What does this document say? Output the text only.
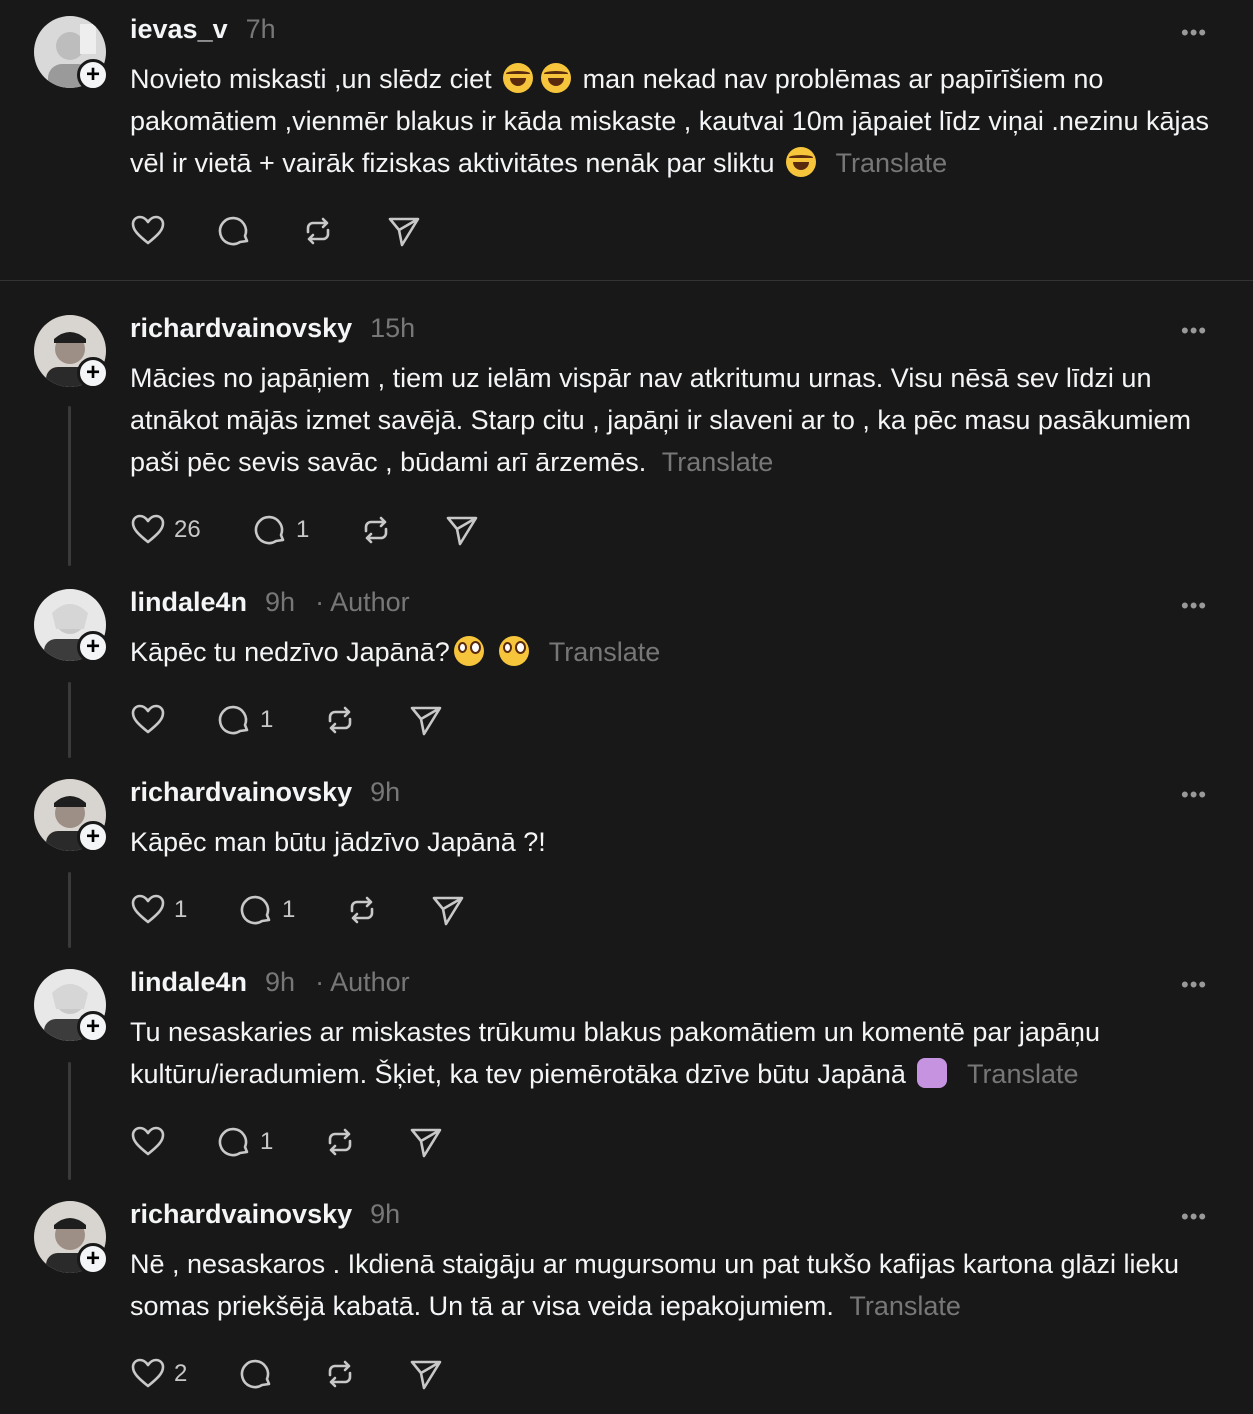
+
ievas_v 7h	•••
Novieto miskasti ,un slēdz ciet	man nekad nav problēmas ar papīrīšiem no pakomātiem ,vienmēr blakus ir kāda miskaste , kautvai 10m jāpaiet līdz viņai .nezinu kājas vēl ir vietā + vairāk fiziskas aktivitātes nenāk par sliktu Translate
+
richardvainovsky 15h	•••
Mācies no japāņiem , tiem uz ielām vispār nav atkritumu urnas. Visu nēsā sev līdzi un atnākot mājās izmet savējā. Starp citu , japāņi ir slaveni ar to , ka pēc masu pasākumiem paši pēc sevis savāc , būdami arī ārzemēs. Translate
26	1
+
lindale4n 9h · Author	•••
Kāpēc tu nedzīvo Japānā?	Translate
1
+
richardvainovsky 9h	•••
Kāpēc man būtu jādzīvo Japānā ?!
1	1
+
lindale4n 9h · Author	•••
Tu nesaskaries ar miskastes trūkumu blakus pakomātiem un komentē par japāņu kultūru/ieradumiem. Šķiet, ka tev piemērotāka dzīve būtu Japānā Translate
1
+
richardvainovsky 9h	•••
Nē , nesaskaros . Ikdienā staigāju ar mugursomu un pat tukšo kafijas kartona glāzi lieku somas priekšējā kabatā. Un tā ar visa veida iepakojumiem. Translate
2
